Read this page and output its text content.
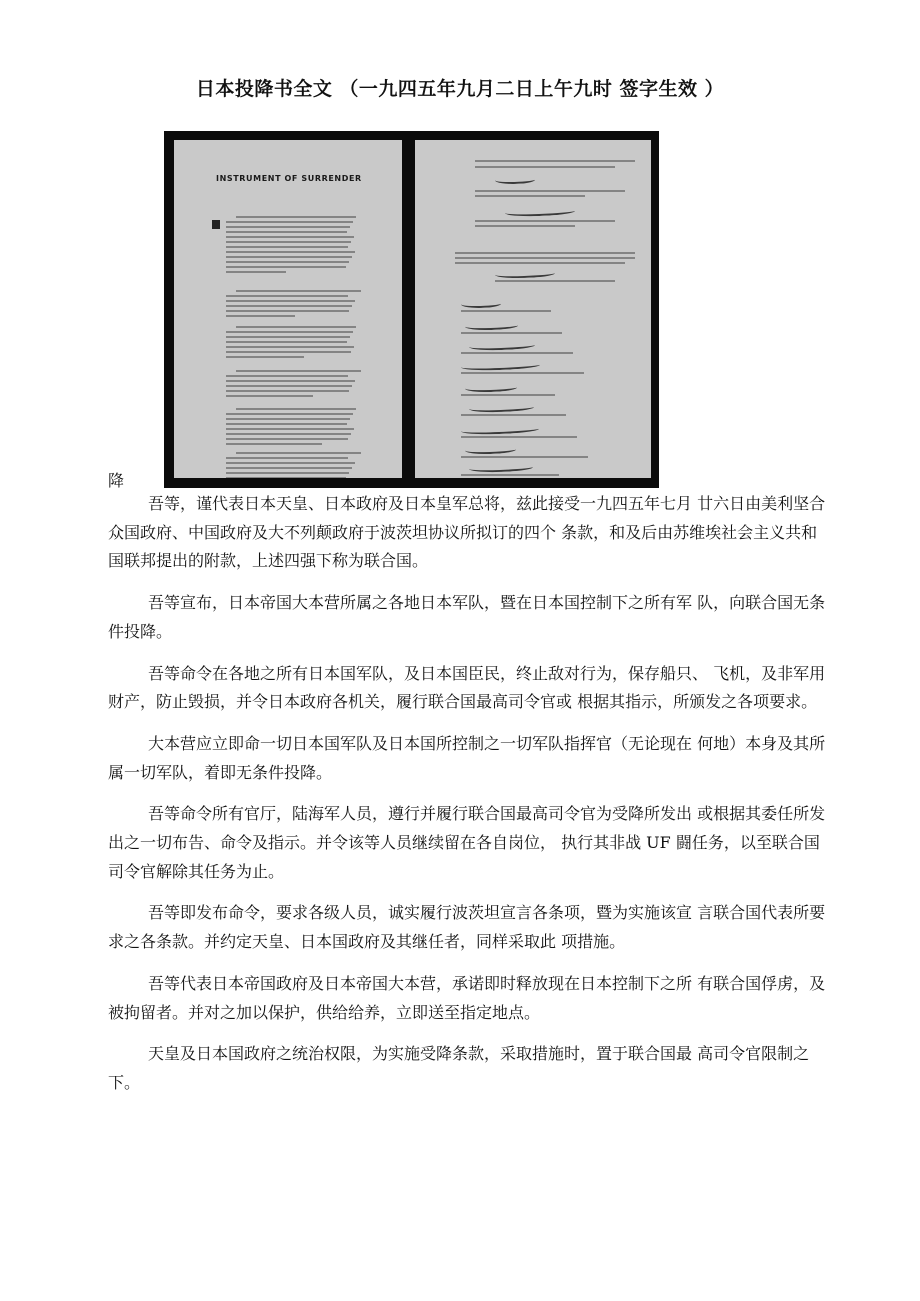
日本投降书全文 （一九四五年九月二日上午九时 签字生效 ）
INSTRUMENT OF SURRENDER
降

吾等，谨代表日本天皇、日本政府及日本皇军总将，兹此接受一九四五年七月 廿六日由美利坚合众国政府、中国政府及大不列颠政府于波茨坦协议所拟订的四个 条款，和及后由苏维埃社会主义共和国联邦提出的附款，上述四强下称为联合国。

吾等宣布，日本帝国大本营所属之各地日本军队，暨在日本国控制下之所有军 队，向联合国无条件投降。

吾等命令在各地之所有日本国军队，及日本国臣民，终止敌对行为，保存船只、 飞机，及非军用财产，防止毁损，并令日本政府各机关，履行联合国最高司令官或 根据其指示，所颁发之各项要求。

大本营应立即命一切日本国军队及日本国所控制之一切军队指挥官（无论现在 何地）本身及其所属一切军队，着即无条件投降。

吾等命令所有官厅，陆海军人员，遵行并履行联合国最高司令官为受降所发出 或根据其委任所发出之一切布告、命令及指示。并令该等人员继续留在各自岗位， 执行其非战 UF 闘任务，以至联合国司令官解除其任务为止。

吾等即发布命令，要求各级人员，诚实履行波茨坦宣言各条项，暨为实施该宣 言联合国代表所要求之各条款。并约定天皇、日本国政府及其继任者，同样采取此 项措施。

吾等代表日本帝国政府及日本帝国大本营，承诺即时释放现在日本控制下之所 有联合国俘虏，及被拘留者。并对之加以保护，供给给养，立即送至指定地点。

天皇及日本国政府之统治权限，为实施受降条款，采取措施时，置于联合国最 高司令官限制之下。
